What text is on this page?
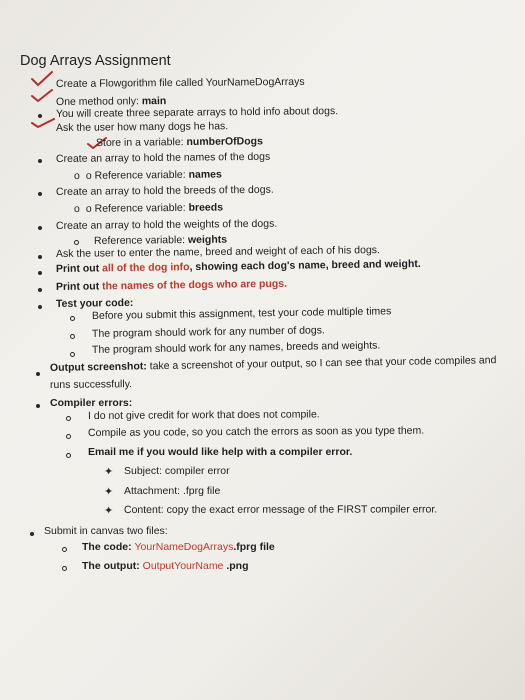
Dog Arrays Assignment
Create a Flowgorithm file called YourNameDogArrays
One method only: main
You will create three separate arrays to hold info about dogs.
Ask the user how many dogs he has.
Store in a variable: numberOfDogs
Create an array to hold the names of the dogs
o o Reference variable: names
Create an array to hold the breeds of the dogs.
o o Reference variable: breeds
Create an array to hold the weights of the dogs.
Reference variable: weights
Ask the user to enter the name, breed and weight of each of his dogs.
Print out all of the dog info, showing each dog's name, breed and weight.
Print out the names of the dogs who are pugs.
Test your code:
Before you submit this assignment, test your code multiple times
The program should work for any number of dogs.
The program should work for any names, breeds and weights.
Output screenshot: take a screenshot of your output, so I can see that your code compiles and
runs successfully.
Compiler errors:
I do not give credit for work that does not compile.
Compile as you code, so you catch the errors as soon as you type them.
Email me if you would like help with a compiler error.
✦ Subject: compiler error
✦ Attachment: .fprg file
✦ Content: copy the exact error message of the FIRST compiler error.
Submit in canvas two files:
The code: YourNameDogArrays.fprg file
The output: OutputYourName .png
